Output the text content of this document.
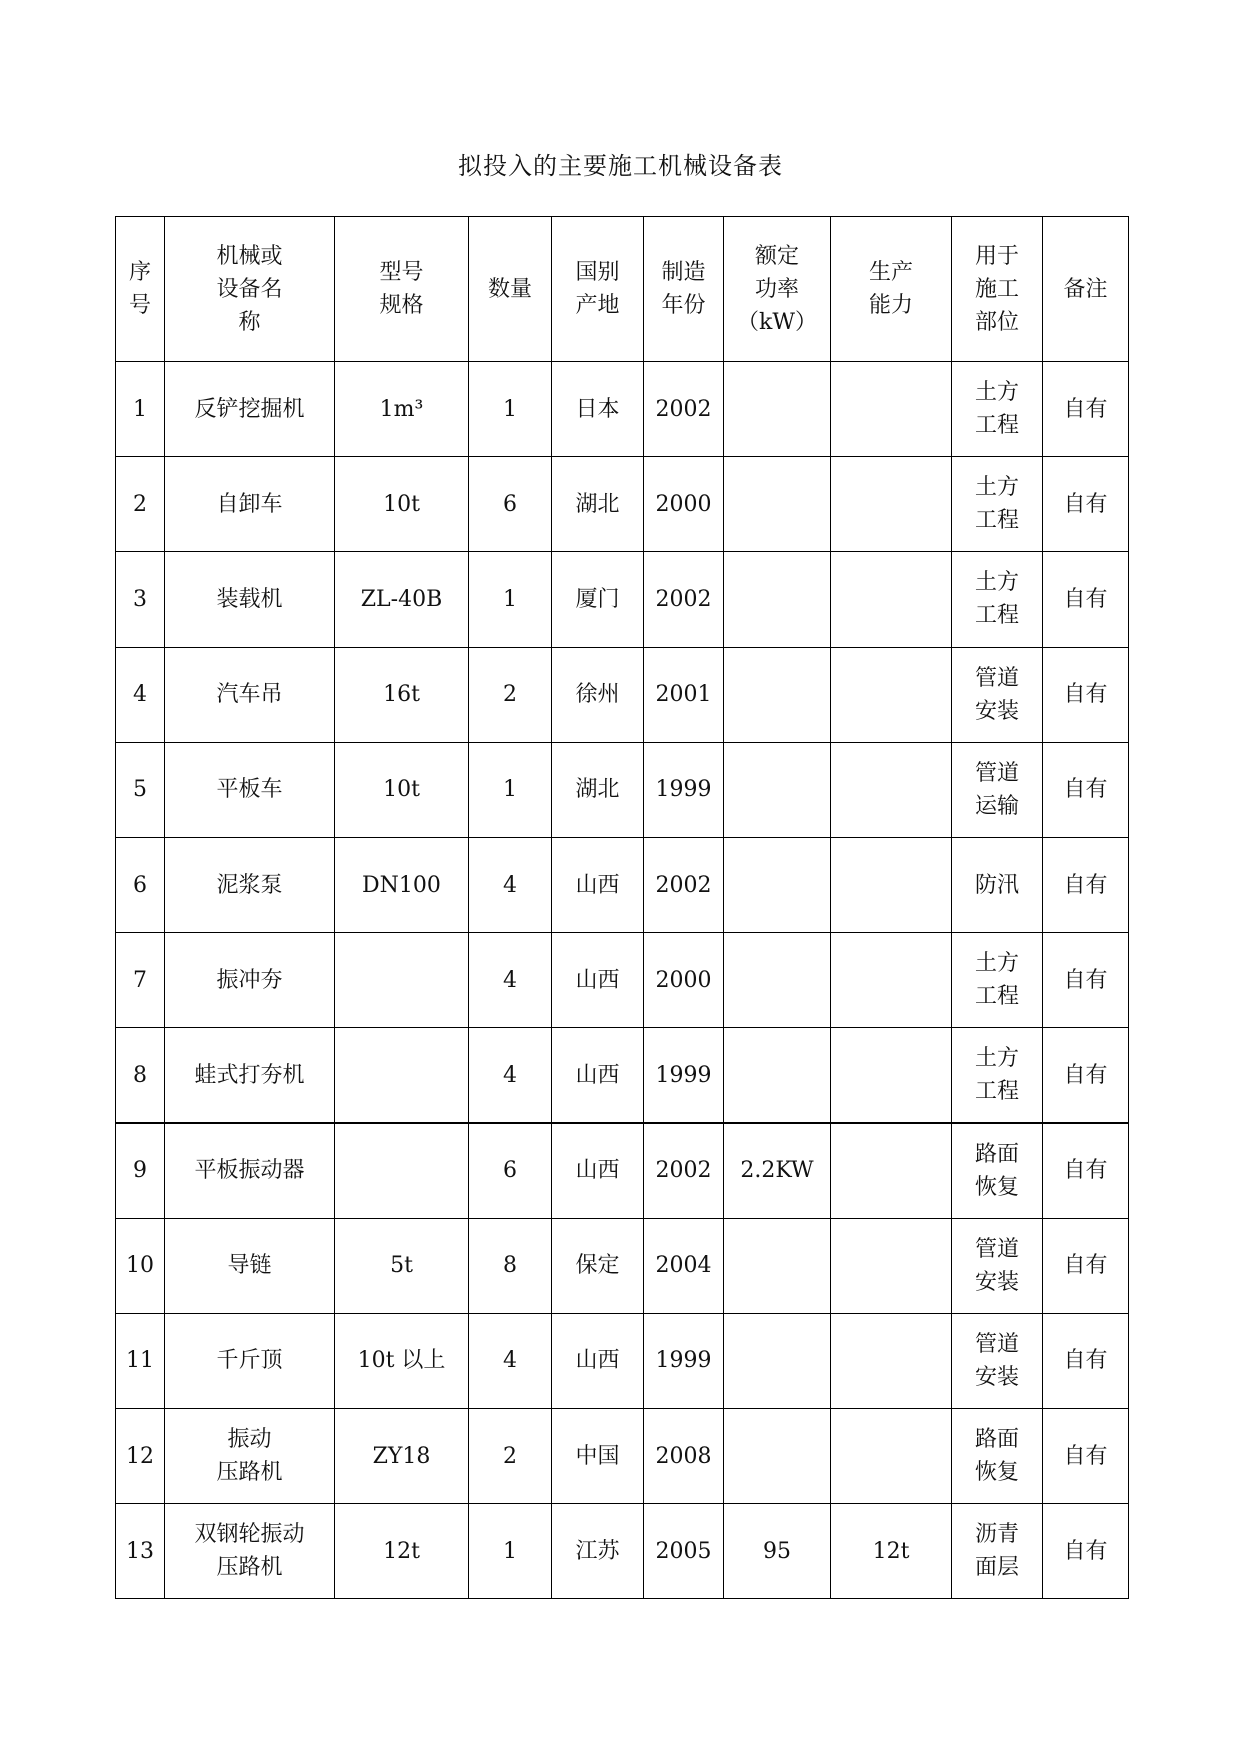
拟投入的主要施工机械设备表
序
号	机械或
设备名
称	型号
规格	数量	国别
产地	制造
年份	额定
功率
（kW）	生产
能力	用于
施工
部位	备注
1	反铲挖掘机	1m³	1	日本	2002			土方
工程	自有
2	自卸车	10t	6	湖北	2000			土方
工程	自有
3	装载机	ZL-40B	1	厦门	2002			土方
工程	自有
4	汽车吊	16t	2	徐州	2001			管道
安装	自有
5	平板车	10t	1	湖北	1999			管道
运输	自有
6	泥浆泵	DN100	4	山西	2002			防汛	自有
7	振冲夯		4	山西	2000			土方
工程	自有
8	蛙式打夯机		4	山西	1999			土方
工程	自有
9	平板振动器		6	山西	2002	2.2KW		路面
恢复	自有
10	导链	5t	8	保定	2004			管道
安装	自有
11	千斤顶	10t 以上	4	山西	1999			管道
安装	自有
12	振动
压路机	ZY18	2	中国	2008			路面
恢复	自有
13	双钢轮振动
压路机	12t	1	江苏	2005	95	12t	沥青
面层	自有
